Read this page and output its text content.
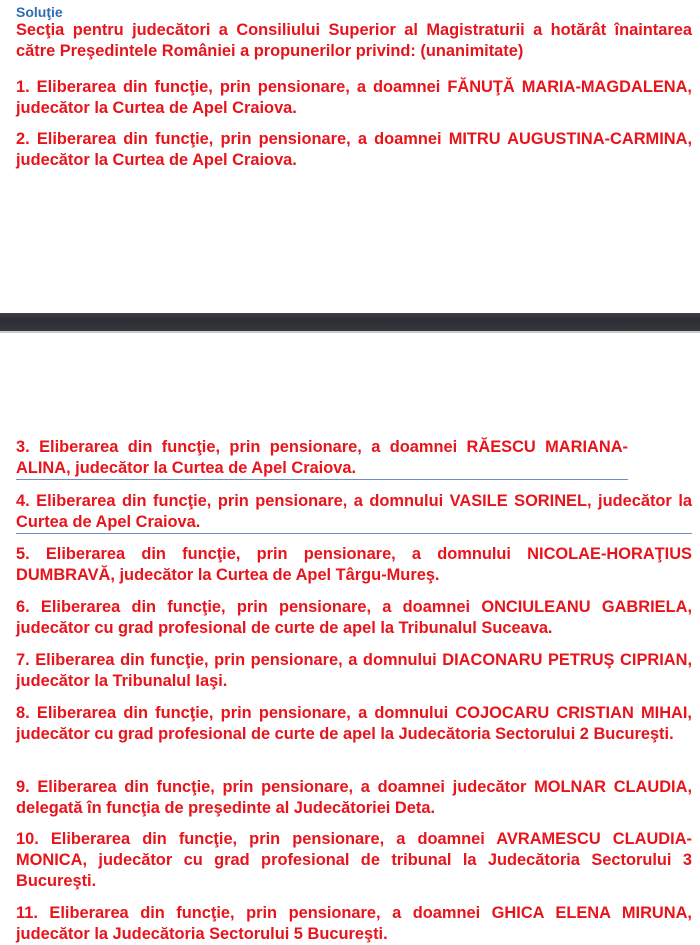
Soluţie

Secţia pentru judecători a Consiliului Superior al Magistraturii a hotărât înaintarea către Preşedintele României a propunerilor privind: (unanimitate)

1. Eliberarea din funcţie, prin pensionare, a doamnei FĂNUŢĂ MARIA-MAGDALENA, judecător la Curtea de Apel Craiova.

2. Eliberarea din funcţie, prin pensionare, a doamnei MITRU AUGUSTINA-CARMINA, judecător la Curtea de Apel Craiova.

3. Eliberarea din funcţie, prin pensionare, a doamnei RĂESCU MARIANA-ALINA, judecător la Curtea de Apel Craiova.

4. Eliberarea din funcţie, prin pensionare, a domnului VASILE SORINEL, judecător la Curtea de Apel Craiova.

5. Eliberarea din funcţie, prin pensionare, a domnului NICOLAE-HORAŢIUS DUMBRAVĂ, judecător la Curtea de Apel Târgu-Mureş.

6. Eliberarea din funcţie, prin pensionare, a doamnei ONCIULEANU GABRIELA, judecător cu grad profesional de curte de apel la Tribunalul Suceava.

7. Eliberarea din funcţie, prin pensionare, a domnului DIACONARU PETRUŞ CIPRIAN, judecător la Tribunalul Iaşi.

8. Eliberarea din funcţie, prin pensionare, a domnului COJOCARU CRISTIAN MIHAI, judecător cu grad profesional de curte de apel la Judecătoria Sectorului 2 Bucureşti.

9. Eliberarea din funcţie, prin pensionare, a doamnei judecător MOLNAR CLAUDIA, delegată în funcţia de preşedinte al Judecătoriei Deta.

10. Eliberarea din funcţie, prin pensionare, a doamnei AVRAMESCU CLAUDIA-MONICA, judecător cu grad profesional de tribunal la Judecătoria Sectorului 3 Bucureşti.

11. Eliberarea din funcţie, prin pensionare, a doamnei GHICA ELENA MIRUNA, judecător la Judecătoria Sectorului 5 Bucureşti.
